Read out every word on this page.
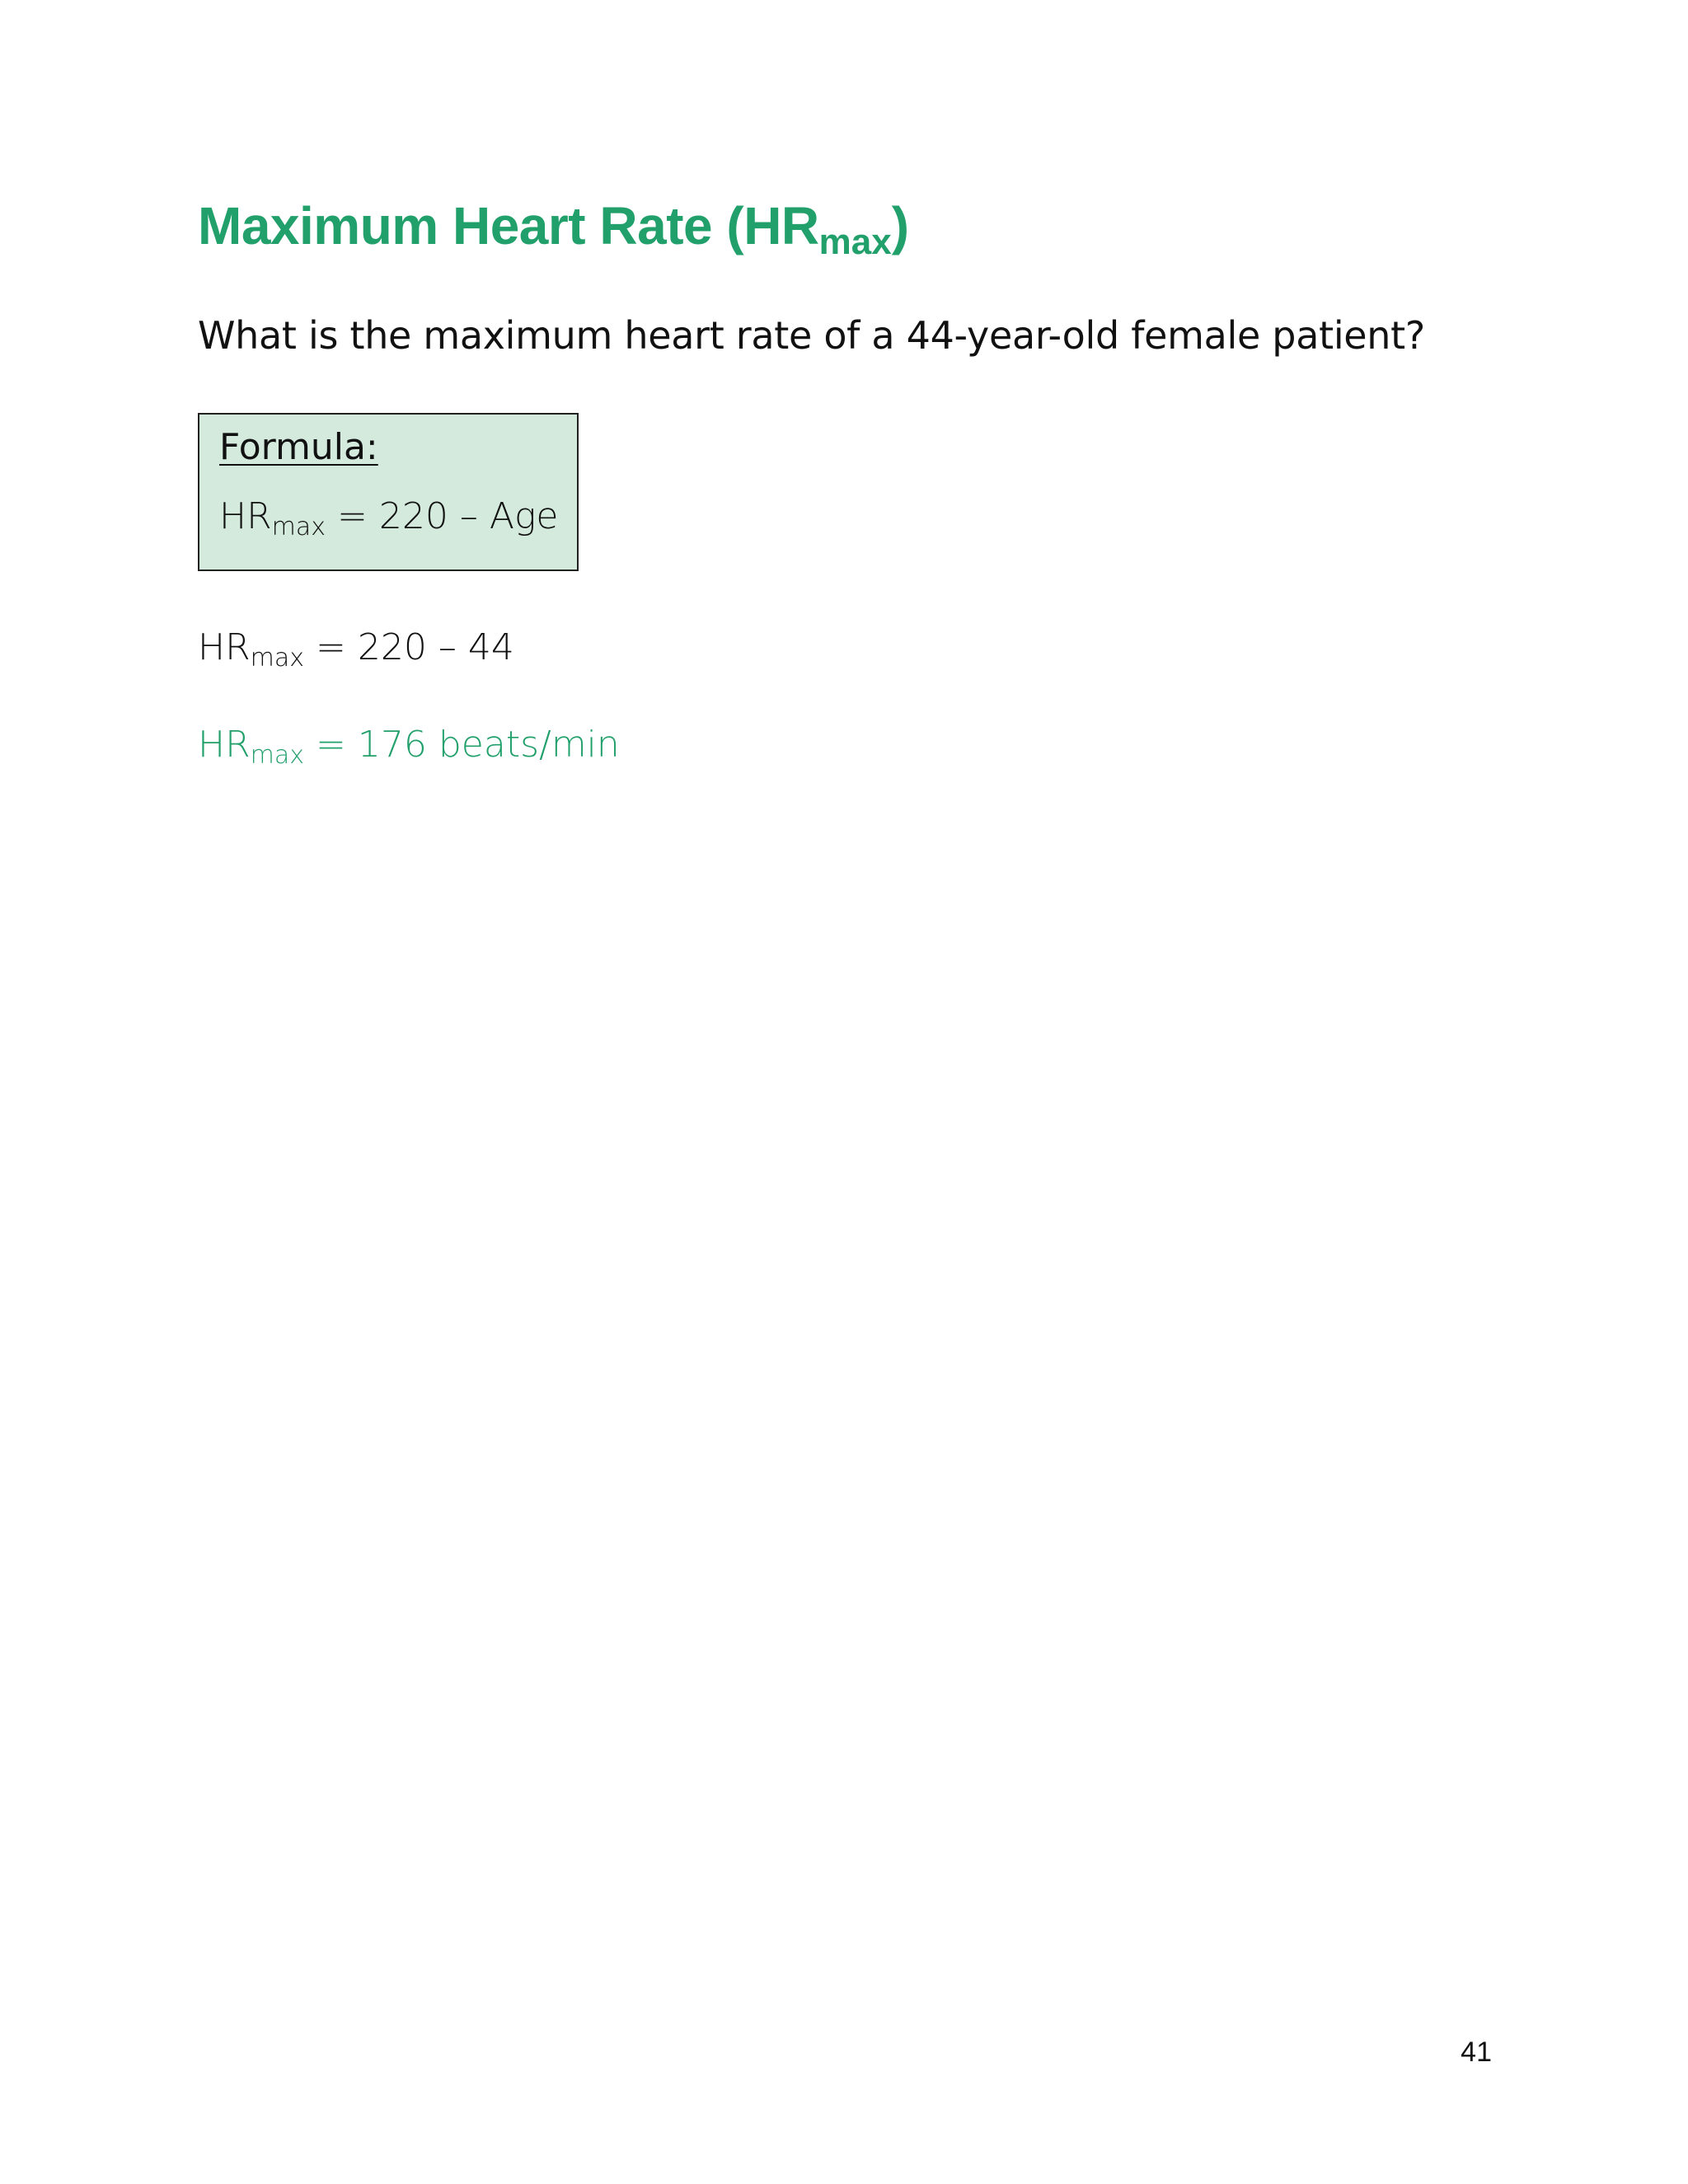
Maximum Heart Rate $(HR_{max})$

What is the maximum heart rate of a 44-year-old female patient?

Formula:

HRmax = 220 – Age

HRmax = 220 – 44

HRmax = 176 beats/min

41
